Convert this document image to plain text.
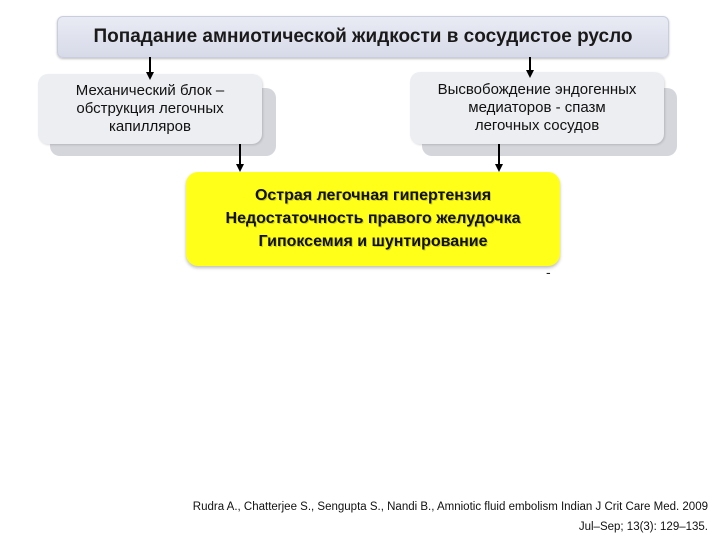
Попадание амниотической жидкости в сосудистое русло
Механический блок –
обструкция легочных
капилляров
Высвобождение эндогенных
медиаторов - спазм
легочных сосудов
Острая легочная гипертензия
Недостаточность правого желудочка
Гипоксемия и шунтирование
-
Rudra A., Chatterjee S., Sengupta S., Nandi B., Amniotic fluid embolism Indian J Crit Care Med. 2009
Jul–Sep; 13(3): 129–135.
